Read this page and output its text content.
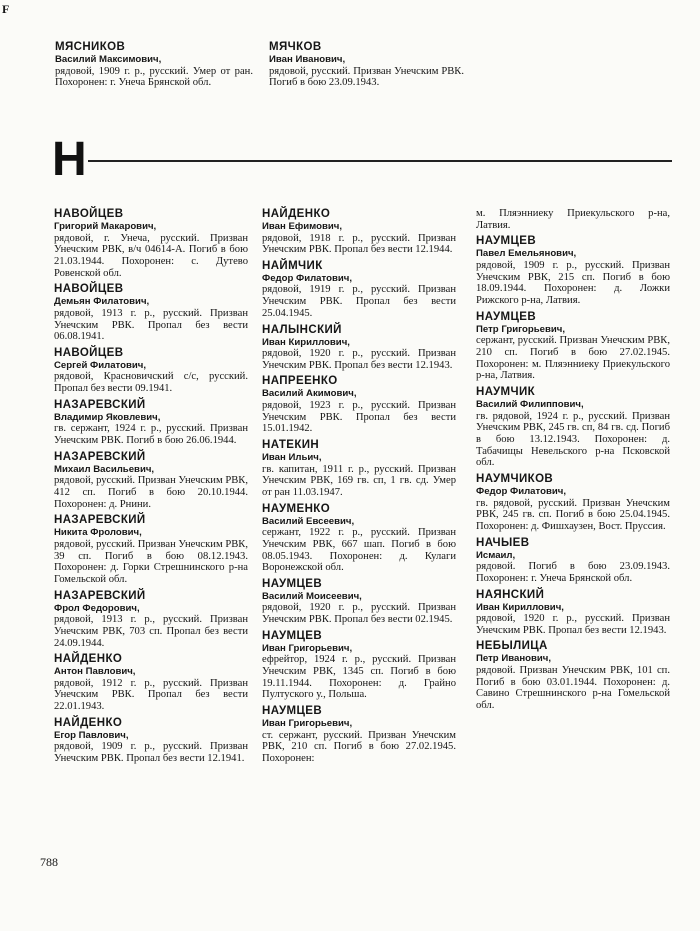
F
МЯСНИКОВ
Василий Максимович,
рядовой, 1909 г. р., русский. Умер от ран. Похоронен: г. Унеча Брянской обл.
МЯЧКОВ
Иван Иванович,
рядовой, русский. Призван Унечским РВК. Погиб в бою 23.09.1943.
Н
НАВОЙЦЕВ
Григорий Макарович,
рядовой, г. Унеча, русский. Призван Унечским РВК, в/ч 04614-А. Погиб в бою 21.03.1944. Похоронен: с. Дутево Ровенской обл.
НАВОЙЦЕВ
Демьян Филатович,
рядовой, 1913 г. р., русский. Призван Унечским РВК. Пропал без вести 06.08.1941.
НАВОЙЦЕВ
Сергей Филатович,
рядовой, Красновичский с/с, русский. Пропал без вести 09.1941.
НАЗАРЕВСКИЙ
Владимир Яковлевич,
гв. сержант, 1924 г. р., русский. Призван Унечским РВК. Погиб в бою 26.06.1944.
НАЗАРЕВСКИЙ
Михаил Васильевич,
рядовой, русский. Призван Унечским РВК, 412 сп. Погиб в бою 20.10.1944. Похоронен: д. Рнини.
НАЗАРЕВСКИЙ
Никита Фролович,
рядовой, русский. Призван Унечским РВК, 39 сп. Погиб в бою 08.12.1943. Похоронен: д. Горки Стрешнинского р-на Гомельской обл.
НАЗАРЕВСКИЙ
Фрол Федорович,
рядовой, 1913 г. р., русский. Призван Унечским РВК, 703 сп. Пропал без вести 24.09.1944.
НАЙДЕНКО
Антон Павлович,
рядовой, 1912 г. р., русский. Призван Унечским РВК. Пропал без вести 22.01.1943.
НАЙДЕНКО
Егор Павлович,
рядовой, 1909 г. р., русский. Призван Унечским РВК. Пропал без вести 12.1941.
НАЙДЕНКО
Иван Ефимович,
рядовой, 1918 г. р., русский. Призван Унечским РВК. Пропал без вести 12.1944.
НАЙМЧИК
Федор Филатович,
рядовой, 1919 г. р., русский. Призван Унечским РВК. Пропал без вести 25.04.1945.
НАЛЫНСКИЙ
Иван Кириллович,
рядовой, 1920 г. р., русский. Призван Унечским РВК. Пропал без вести 12.1943.
НАПРЕЕНКО
Василий Акимович,
рядовой, 1923 г. р., русский. Призван Унечским РВК. Пропал без вести 15.01.1942.
НАТЕКИН
Иван Ильич,
гв. капитан, 1911 г. р., русский. Призван Унечским РВК, 169 гв. сп, 1 гв. сд. Умер от ран 11.03.1947.
НАУМЕНКО
Василий Евсеевич,
сержант, 1922 г. р., русский. Призван Унечским РВК, 667 шап. Погиб в бою 08.05.1943. Похоронен: д. Кулаги Воронежской обл.
НАУМЦЕВ
Василий Моисеевич,
рядовой, 1920 г. р., русский. Призван Унечским РВК. Пропал без вести 02.1945.
НАУМЦЕВ
Иван Григорьевич,
ефрейтор, 1924 г. р., русский. Призван Унечским РВК, 1345 сп. Погиб в бою 19.11.1944. Похоронен: д. Грайно Пултуского у., Польша.
НАУМЦЕВ
Иван Григорьевич,
ст. сержант, русский. Призван Унечским РВК, 210 сп. Погиб в бою 27.02.1945. Похоронен:
м. Пляэнниеку Приекульского р-на, Латвия.
НАУМЦЕВ
Павел Емельянович,
рядовой, 1909 г. р., русский. Призван Унечским РВК, 215 сп. Погиб в бою 18.09.1944. Похоронен: д. Ложки Рижского р-на, Латвия.
НАУМЦЕВ
Петр Григорьевич,
сержант, русский. Призван Унечским РВК, 210 сп. Погиб в бою 27.02.1945. Похоронен: м. Пляэнниеку Приекульского р-на, Латвия.
НАУМЧИК
Василий Филиппович,
гв. рядовой, 1924 г. р., русский. Призван Унечским РВК, 245 гв. сп, 84 гв. сд. Погиб в бою 13.12.1943. Похоронен: д. Табачищы Невельского р-на Псковской обл.
НАУМЧИКОВ
Федор Филатович,
гв. рядовой, русский. Призван Унечским РВК, 245 гв. сп. Погиб в бою 25.04.1945. Похоронен: д. Фишхаузен, Вост. Пруссия.
НАЧЫЕВ
Исмаил,
рядовой. Погиб в бою 23.09.1943. Похоронен: г. Унеча Брянской обл.
НАЯНСКИЙ
Иван Кириллович,
рядовой, 1920 г. р., русский. Призван Унечским РВК. Пропал без вести 12.1943.
НЕБЫЛИЦА
Петр Иванович,
рядовой. Призван Унечским РВК, 101 сп. Погиб в бою 03.01.1944. Похоронен: д. Савино Стрешнинского р-на Гомельской обл.
788
